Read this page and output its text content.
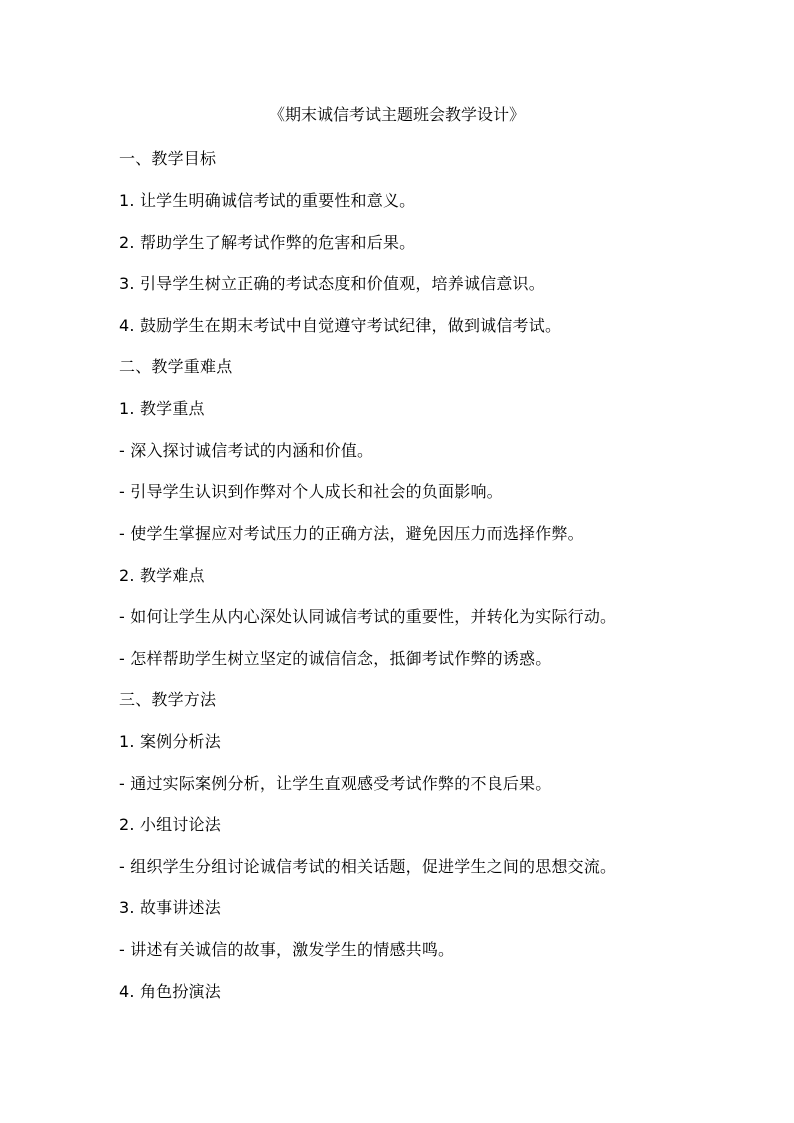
《期末诚信考试主题班会教学设计》
一、教学目标
1. 让学生明确诚信考试的重要性和意义。
2. 帮助学生了解考试作弊的危害和后果。
3. 引导学生树立正确的考试态度和价值观，培养诚信意识。
4. 鼓励学生在期末考试中自觉遵守考试纪律，做到诚信考试。
二、教学重难点
1. 教学重点
- 深入探讨诚信考试的内涵和价值。
- 引导学生认识到作弊对个人成长和社会的负面影响。
- 使学生掌握应对考试压力的正确方法，避免因压力而选择作弊。
2. 教学难点
- 如何让学生从内心深处认同诚信考试的重要性，并转化为实际行动。
- 怎样帮助学生树立坚定的诚信信念，抵御考试作弊的诱惑。
三、教学方法
1. 案例分析法
- 通过实际案例分析，让学生直观感受考试作弊的不良后果。
2. 小组讨论法
- 组织学生分组讨论诚信考试的相关话题，促进学生之间的思想交流。
3. 故事讲述法
- 讲述有关诚信的故事，激发学生的情感共鸣。
4. 角色扮演法
